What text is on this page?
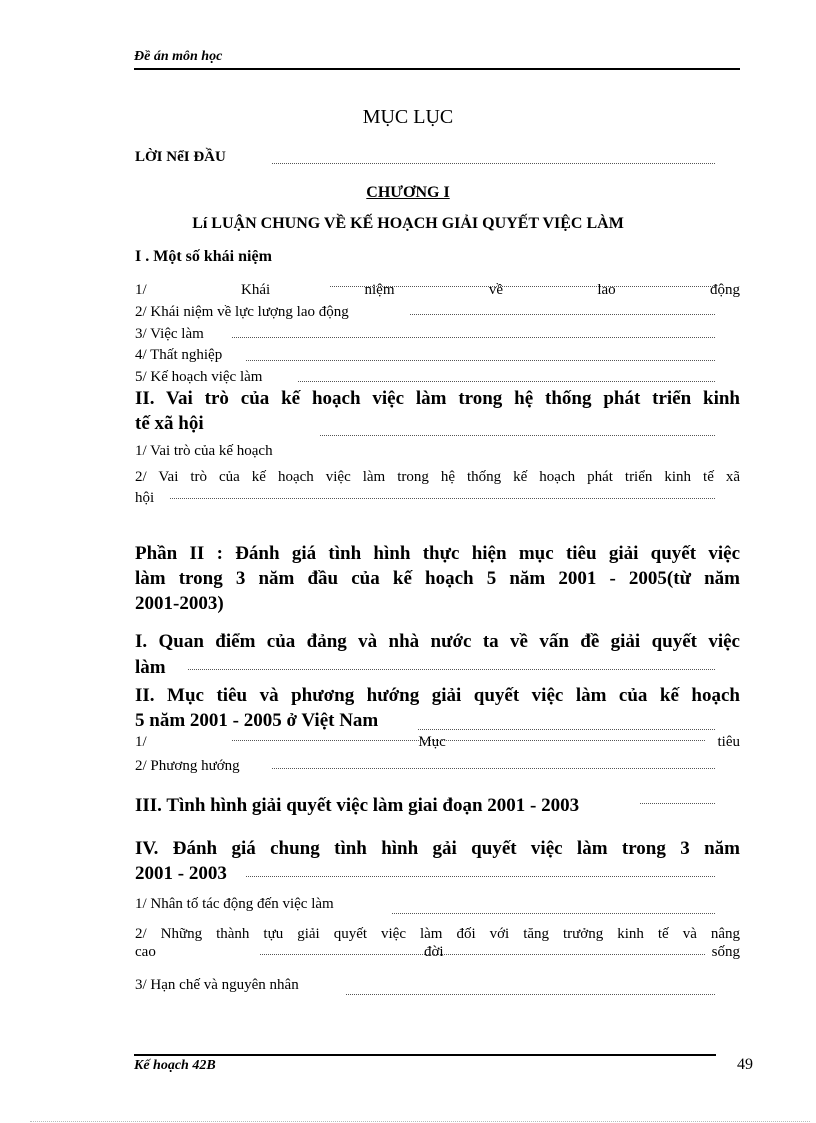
Đề án môn học
MỤC LỤC
LỜI NểI ĐẦU
CHƯƠNG I
Lí LUẬN CHUNG VỀ KẾ HOẠCH GIẢI QUYẾT VIỆC LÀM
I . Một số khái niệm
1/	Khái	niệm	về	lao	động
2/ Khái niệm về lực lượng lao động
3/ Việc làm
4/ Thất nghiệp
5/ Kế hoạch việc làm
II. Vai trò của kế hoạch việc làm trong hệ thống phát triển kinh
tế xã hội
1/ Vai trò của kế hoạch
2/ Vai trò của kế hoạch việc làm trong hệ thống kế hoạch phát triển kinh tế xã
hội
Phần II : Đánh giá tình hình thực hiện mục tiêu giải quyết việc
làm trong 3 năm đầu của kế hoạch 5 năm 2001 - 2005(từ năm
2001-2003)
I. Quan điểm của đảng và nhà nước ta về vấn đề giải quyết việc
làm
II. Mục tiêu và phương hướng giải quyết việc làm của kế hoạch
5 năm 2001 - 2005 ở Việt Nam
1/	Mục	tiêu
2/ Phương hướng
III. Tình hình giải quyết việc làm giai đoạn 2001 - 2003
IV. Đánh giá chung tình hình gải quyết việc làm trong 3 năm
2001 - 2003
1/ Nhân tố tác động đến việc làm
2/ Những thành tựu giải quyết việc làm đối với tăng trưởng kinh tế và nâng
cao	đời	sống
3/ Hạn chế và nguyên nhân
Kế hoạch 42B	49
